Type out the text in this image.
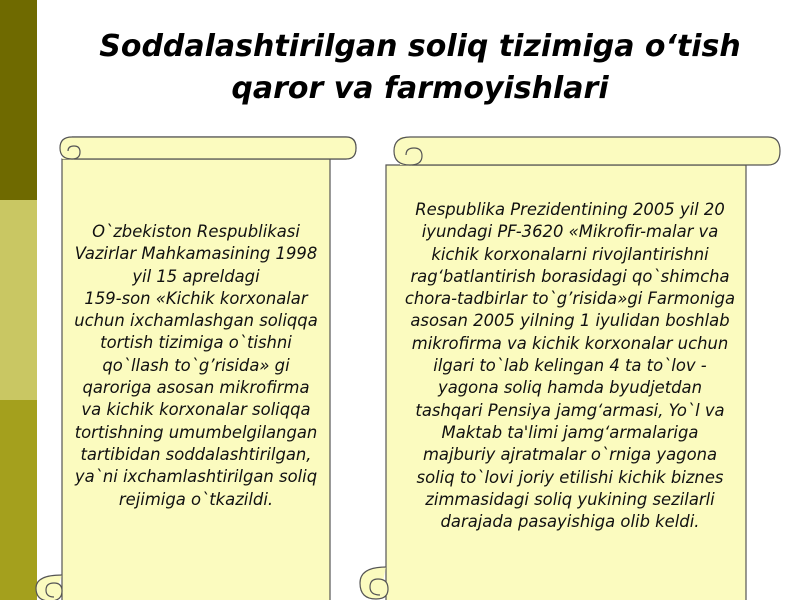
Soddalashtirilgan soliq tizimiga o‘tish
qaror va farmoyishlari
O`zbekiston Respublikasi
Vazirlar Mahkamasining 1998
yil 15 apreldagi
159-son «Kichik korxonalar
uchun ixchamlashgan soliqqa
tortish tizimiga o`tishni
qo`llash to`g’risida» gi
qaroriga asosan mikrofirma
va kichik korxonalar soliqqa
tortishning umumbelgilangan
tartibidan soddalashtirilgan,
ya`ni ixchamlashtirilgan soliq
rejimiga o`tkazildi.
Respublika Prezidentining 2005 yil 20
iyundagi PF-3620 «Mikrofir-malar va
kichik korxonalarni rivojlantirishni
rag‘batlantirish borasidagi qo`shimcha
chora-tadbirlar to`g’risida»gi Farmoniga
asosan 2005 yilning 1 iyulidan boshlab
mikrofirma va kichik korxonalar uchun
ilgari to`lab kelingan 4 ta to`lov -
yagona soliq hamda byudjetdan
tashqari Pensiya jamg‘armasi, Yo`l va
Maktab ta'limi jamg‘armalariga
majburiy ajratmalar o`rniga yagona
soliq to`lovi joriy etilishi kichik biznes
zimmasidagi soliq yukining sezilarli
darajada pasayishiga olib keldi.
